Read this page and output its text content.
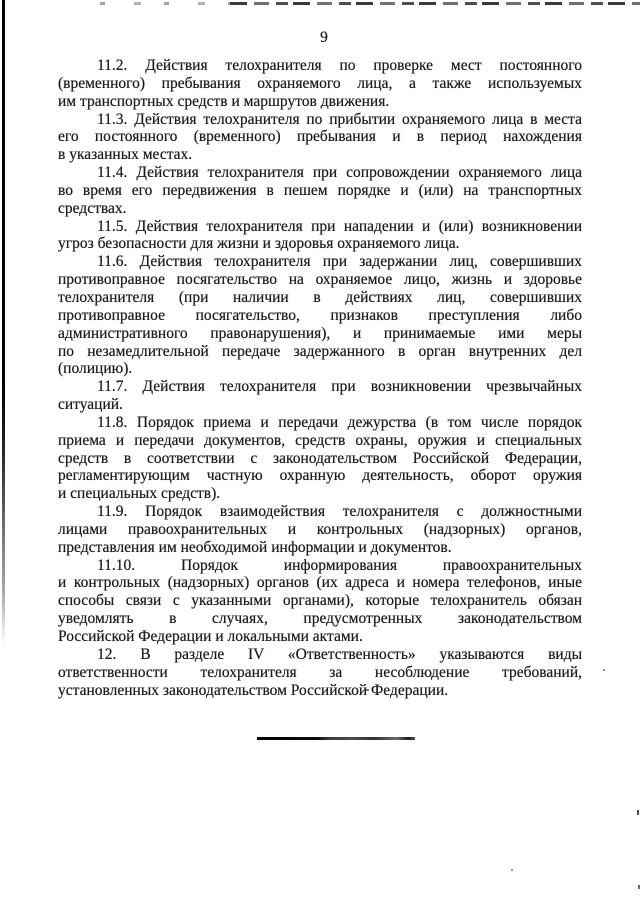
9

11.2. Действия телохранителя по проверке мест постоянного
(временного) пребывания охраняемого лица, а также используемых
им транспортных средств и маршрутов движения.

11.3. Действия телохранителя по прибытии охраняемого лица в места
его постоянного (временного) пребывания и в период нахождения
в указанных местах.

11.4. Действия телохранителя при сопровождении охраняемого лица
во время его передвижения в пешем порядке и (или) на транспортных
средствах.

11.5. Действия телохранителя при нападении и (или) возникновении
угроз безопасности для жизни и здоровья охраняемого лица.

11.6. Действия телохранителя при задержании лиц, совершивших
противоправное посягательство на охраняемое лицо, жизнь и здоровье
телохранителя (при наличии в действиях лиц, совершивших
противоправное посягательство, признаков преступления либо
административного правонарушения), и принимаемые ими меры
по незамедлительной передаче задержанного в орган внутренних дел
(полицию).

11.7. Действия телохранителя при возникновении чрезвычайных
ситуаций.

11.8. Порядок приема и передачи дежурства (в том числе порядок
приема и передачи документов, средств охраны, оружия и специальных
средств в соответствии с законодательством Российской Федерации,
регламентирующим частную охранную деятельность, оборот оружия
и специальных средств).

11.9. Порядок взаимодействия телохранителя с должностными
лицами правоохранительных и контрольных (надзорных) органов,
представления им необходимой информации и документов.

11.10. Порядок информирования правоохранительных
и контрольных (надзорных) органов (их адреса и номера телефонов, иные
способы связи с указанными органами), которые телохранитель обязан
уведомлять в случаях, предусмотренных законодательством
Российской Федерации и локальными актами.

12. В разделе IV «Ответственность» указываются виды
ответственности телохранителя за несоблюдение требований,
установленных законодательством Российской Федерации.
